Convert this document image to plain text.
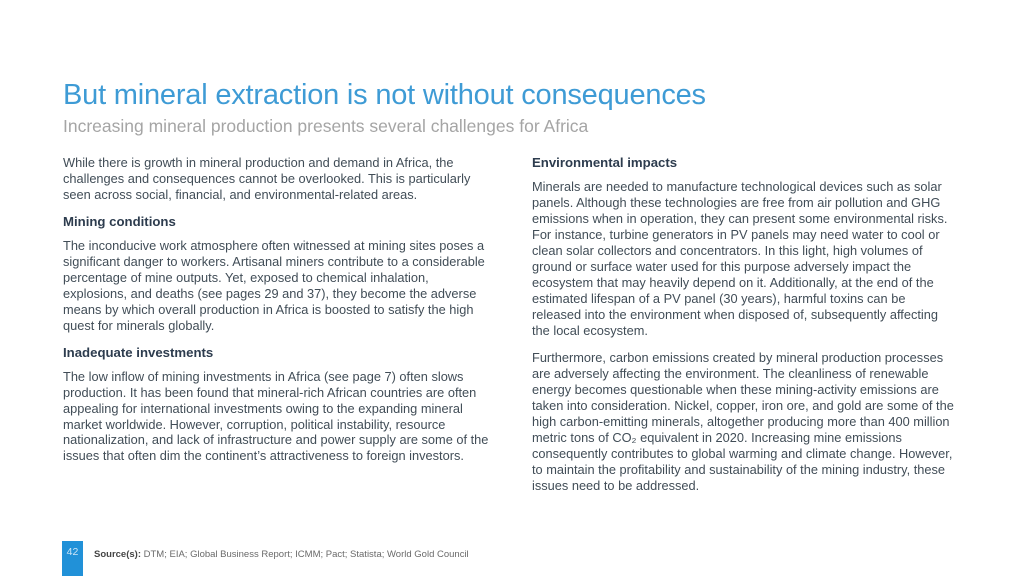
But mineral extraction is not without consequences
Increasing mineral production presents several challenges for Africa

While there is growth in mineral production and demand in Africa, the challenges and consequences cannot be overlooked. This is particularly seen across social, financial, and environmental-related areas.

Mining conditions

The inconducive work atmosphere often witnessed at mining sites poses a significant danger to workers. Artisanal miners contribute to a considerable percentage of mine outputs. Yet, exposed to chemical inhalation, explosions, and deaths (see pages 29 and 37), they become the adverse means by which overall production in Africa is boosted to satisfy the high quest for minerals globally.

Inadequate investments

The low inflow of mining investments in Africa (see page 7) often slows production. It has been found that mineral-rich African countries are often appealing for international investments owing to the expanding mineral market worldwide. However, corruption, political instability, resource nationalization, and lack of infrastructure and power supply are some of the issues that often dim the continent’s attractiveness to foreign investors.

Environmental impacts

Minerals are needed to manufacture technological devices such as solar panels. Although these technologies are free from air pollution and GHG emissions when in operation, they can present some environmental risks. For instance, turbine generators in PV panels may need water to cool or clean solar collectors and concentrators. In this light, high volumes of ground or surface water used for this purpose adversely impact the ecosystem that may heavily depend on it. Additionally, at the end of the estimated lifespan of a PV panel (30 years), harmful toxins can be released into the environment when disposed of, subsequently affecting the local ecosystem.

Furthermore, carbon emissions created by mineral production processes are adversely affecting the environment. The cleanliness of renewable energy becomes questionable when these mining-activity emissions are taken into consideration. Nickel, copper, iron ore, and gold are some of the high carbon-emitting minerals, altogether producing more than 400 million metric tons of CO₂ equivalent in 2020. Increasing mine emissions consequently contributes to global warming and climate change. However, to maintain the profitability and sustainability of the mining industry, these issues need to be addressed.

42	Source(s): DTM; EIA; Global Business Report; ICMM; Pact; Statista; World Gold Council
